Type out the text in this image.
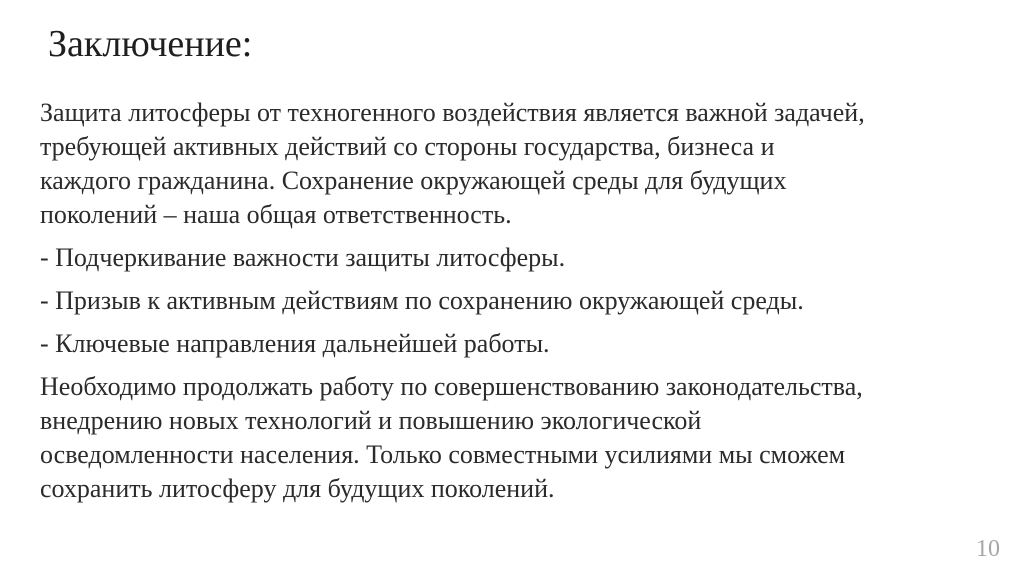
Заключение:
Защита литосферы от техногенного воздействия является важной задачей,
требующей активных действий со стороны государства, бизнеса и
каждого гражданина. Сохранение окружающей среды для будущих
поколений – наша общая ответственность.
- Подчеркивание важности защиты литосферы.
- Призыв к активным действиям по сохранению окружающей среды.
- Ключевые направления дальнейшей работы.
Необходимо продолжать работу по совершенствованию законодательства,
внедрению новых технологий и повышению экологической
осведомленности населения. Только совместными усилиями мы сможем
сохранить литосферу для будущих поколений.
10
